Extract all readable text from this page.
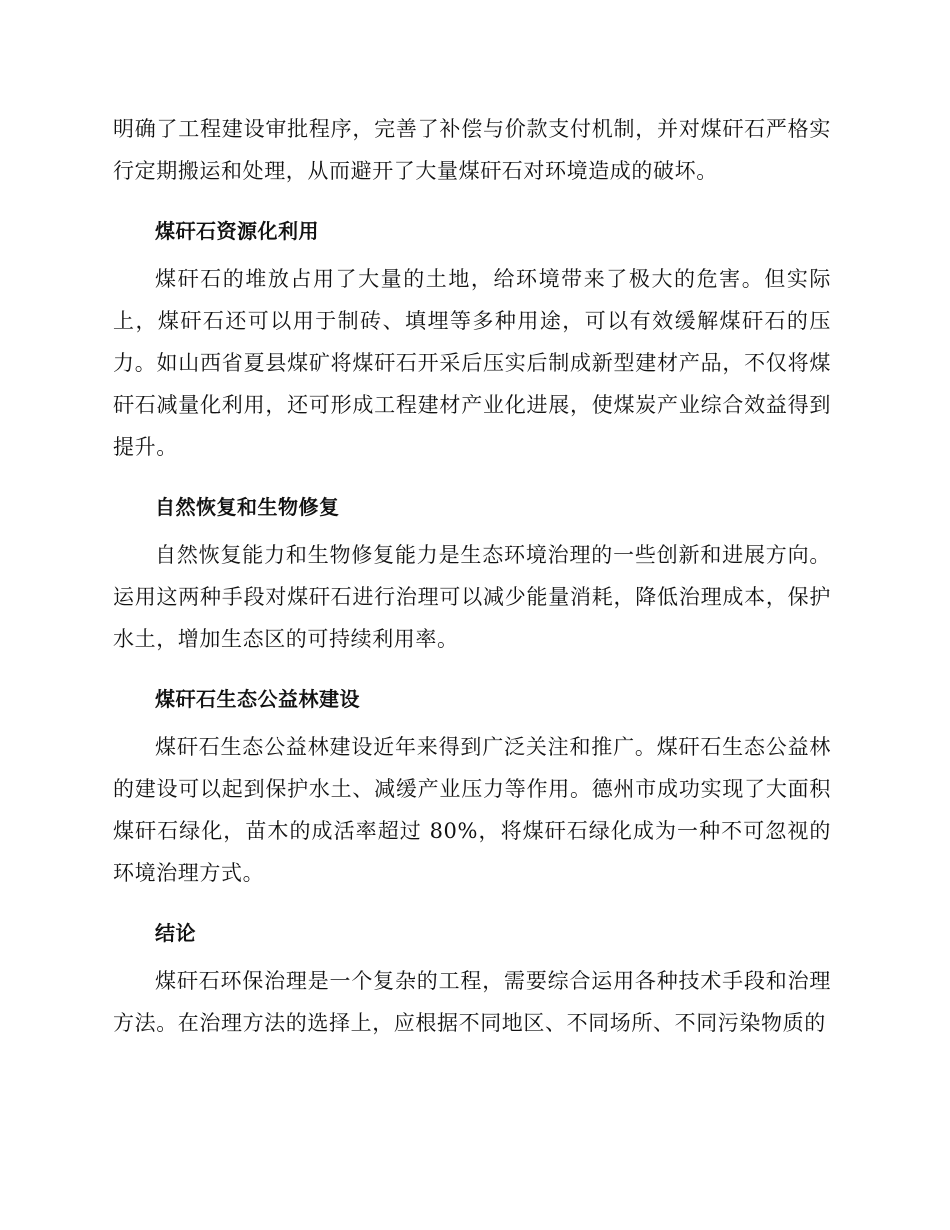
明确了工程建设审批程序，完善了补偿与价款支付机制，并对煤矸石严格实行定期搬运和处理，从而避开了大量煤矸石对环境造成的破坏。

煤矸石资源化利用

煤矸石的堆放占用了大量的土地，给环境带来了极大的危害。但实际上，煤矸石还可以用于制砖、填埋等多种用途，可以有效缓解煤矸石的压力。如山西省夏县煤矿将煤矸石开采后压实后制成新型建材产品，不仅将煤矸石减量化利用，还可形成工程建材产业化进展，使煤炭产业综合效益得到提升。

自然恢复和生物修复

自然恢复能力和生物修复能力是生态环境治理的一些创新和进展方向。运用这两种手段对煤矸石进行治理可以减少能量消耗，降低治理成本，保护水土，增加生态区的可持续利用率。

煤矸石生态公益林建设

煤矸石生态公益林建设近年来得到广泛关注和推广。煤矸石生态公益林的建设可以起到保护水土、减缓产业压力等作用。德州市成功实现了大面积煤矸石绿化，苗木的成活率超过 80%，将煤矸石绿化成为一种不可忽视的环境治理方式。

结论

煤矸石环保治理是一个复杂的工程，需要综合运用各种技术手段和治理方法。在治理方法的选择上，应根据不同地区、不同场所、不同污染物质的
